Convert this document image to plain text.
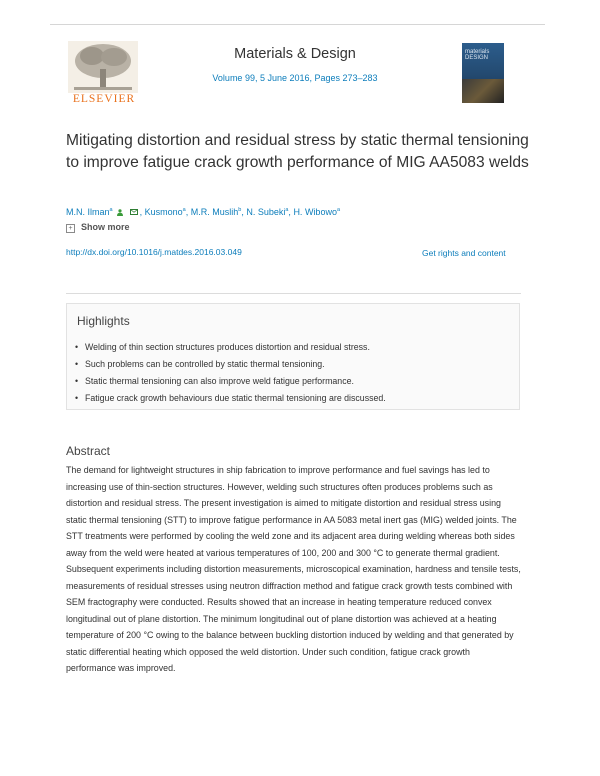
ELSEVIER
Materials & Design
Volume 99, 5 June 2016, Pages 273–283
materials
DESIGN
Mitigating distortion and residual stress by static thermal tensioning to improve fatigue crack growth performance of MIG AA5083 welds
M.N. Ilman$^a$	, Kusmono$^a$, M.R. Muslih$^b$, N. Subeki$^a$, H. Wibowo$^a$
+ Show more
http://dx.doi.org/10.1016/j.matdes.2016.03.049	Get rights and content
Highlights
• Welding of thin section structures produces distortion and residual stress.
• Such problems can be controlled by static thermal tensioning.
• Static thermal tensioning can also improve weld fatigue performance.
• Fatigue crack growth behaviours due static thermal tensioning are discussed.
Abstract

The demand for lightweight structures in ship fabrication to improve performance and fuel savings has led to increasing use of thin-section structures. However, welding such structures often produces problems such as distortion and residual stress. The present investigation is aimed to mitigate distortion and residual stress using static thermal tensioning (STT) to improve fatigue performance in AA 5083 metal inert gas (MIG) welded joints. The STT treatments were performed by cooling the weld zone and its adjacent area during welding whereas both sides away from the weld were heated at various temperatures of 100, 200 and 300 °C to generate thermal gradient. Subsequent experiments including distortion measurements, microscopical examination, hardness and tensile tests, measurements of residual stresses using neutron diffraction method and fatigue crack growth tests combined with SEM fractography were conducted. Results showed that an increase in heating temperature reduced convex longitudinal out of plane distortion. The minimum longitudinal out of plane distortion was achieved at a heating temperature of 200 °C owing to the balance between buckling distortion induced by welding and that generated by static differential heating which opposed the weld distortion. Under such condition, fatigue crack growth performance was improved.
